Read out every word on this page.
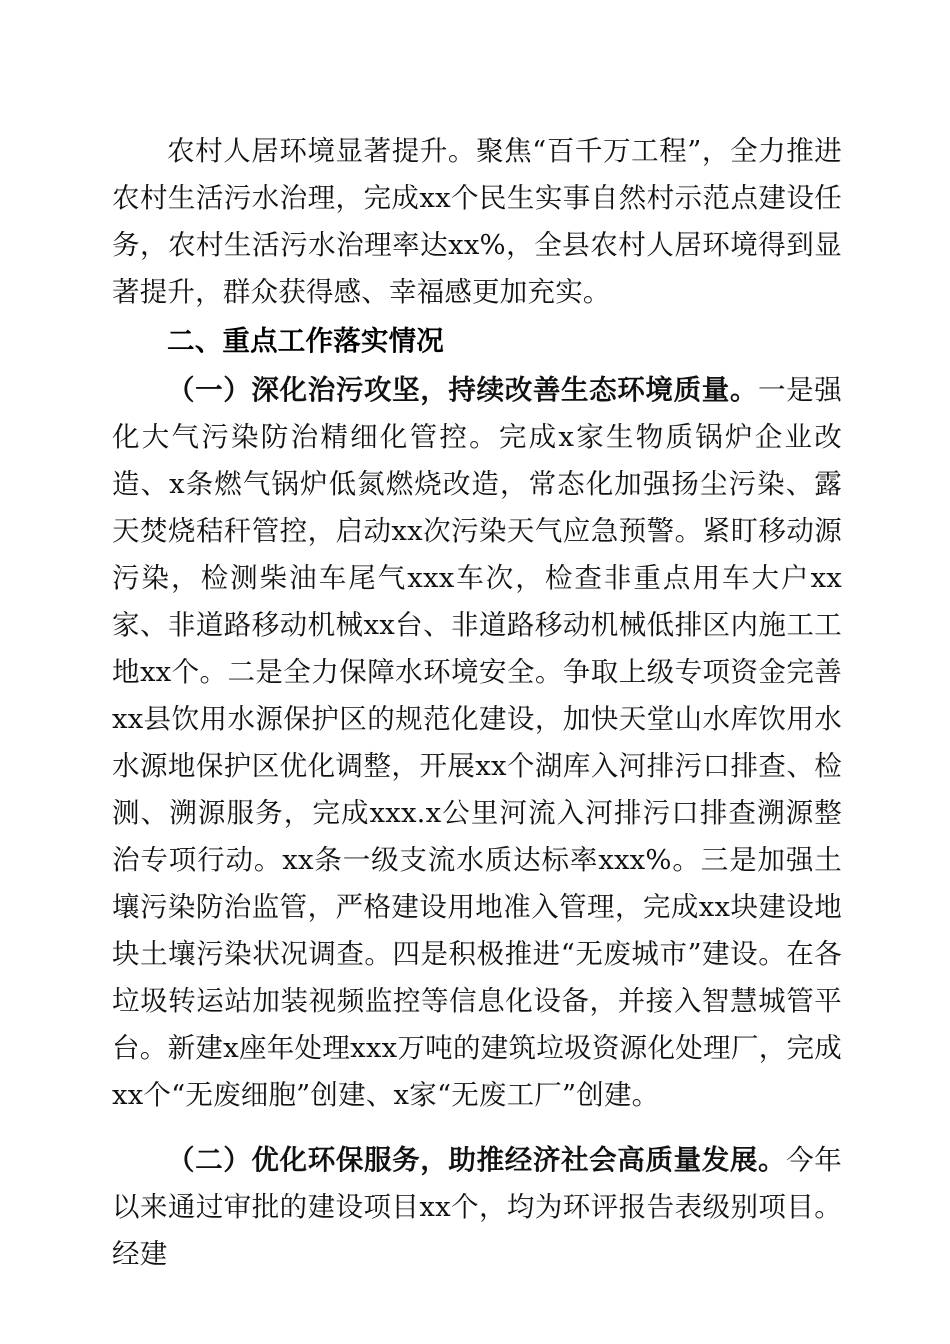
农村人居环境显著提升。聚焦“百千万工程”，全力推进农村生活污水治理，完成xx个民生实事自然村示范点建设任务，农村生活污水治理率达xx%，全县农村人居环境得到显著提升，群众获得感、幸福感更加充实。

二、重点工作落实情况

（一）深化治污攻坚，持续改善生态环境质量。一是强化大气污染防治精细化管控。完成x家生物质锅炉企业改造、x条燃气锅炉低氮燃烧改造，常态化加强扬尘污染、露天焚烧秸秆管控，启动xx次污染天气应急预警。紧盯移动源污染，检测柴油车尾气xxx车次，检查非重点用车大户xx家、非道路移动机械xx台、非道路移动机械低排区内施工工地xx个。二是全力保障水环境安全。争取上级专项资金完善xx县饮用水源保护区的规范化建设，加快天堂山水库饮用水水源地保护区优化调整，开展xx个湖库入河排污口排查、检测、溯源服务，完成xxx.x公里河流入河排污口排查溯源整治专项行动。xx条一级支流水质达标率xxx%。三是加强土壤污染防治监管，严格建设用地准入管理，完成xx块建设地块土壤污染状况调查。四是积极推进“无废城市”建设。在各垃圾转运站加装视频监控等信息化设备，并接入智慧城管平台。新建x座年处理xxx万吨的建筑垃圾资源化处理厂，完成xx个“无废细胞”创建、x家“无废工厂”创建。

（二）优化环保服务，助推经济社会高质量发展。今年以来通过审批的建设项目xx个，均为环评报告表级别项目。经建
